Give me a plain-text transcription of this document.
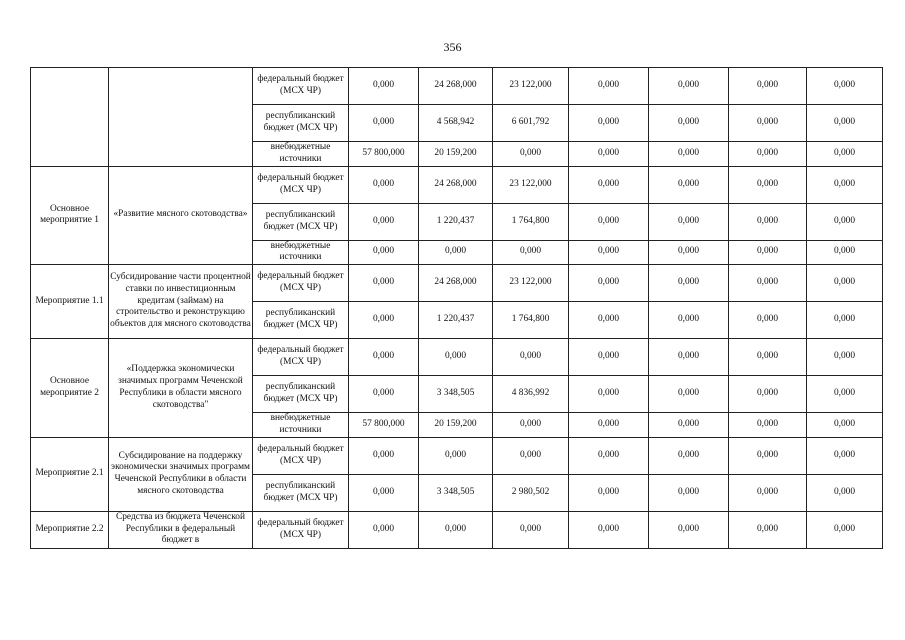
356
		федеральный бюджет (МСХ ЧР)	0,000	24 268,000	23 122,000	0,000	0,000	0,000	0,000
		республиканский бюджет (МСХ ЧР)	0,000	4 568,942	6 601,792	0,000	0,000	0,000	0,000
		внебюджетные источники	57 800,000	20 159,200	0,000	0,000	0,000	0,000	0,000
Основное мероприятие 1	«Развитие мясного скотоводства»	федеральный бюджет (МСХ ЧР)	0,000	24 268,000	23 122,000	0,000	0,000	0,000	0,000
		республиканский бюджет (МСХ ЧР)	0,000	1 220,437	1 764,800	0,000	0,000	0,000	0,000
		внебюджетные источники	0,000	0,000	0,000	0,000	0,000	0,000	0,000
Мероприятие 1.1	Субсидирование части процентной ставки по инвестиционным кредитам (займам) на строительство и реконструкцию объектов для мясного скотоводства	федеральный бюджет (МСХ ЧР)	0,000	24 268,000	23 122,000	0,000	0,000	0,000	0,000
		республиканский бюджет (МСХ ЧР)	0,000	1 220,437	1 764,800	0,000	0,000	0,000	0,000
Основное мероприятие 2	«Поддержка экономически значимых программ Чеченской Республики в области мясного скотоводства"	федеральный бюджет (МСХ ЧР)	0,000	0,000	0,000	0,000	0,000	0,000	0,000
		республиканский бюджет (МСХ ЧР)	0,000	3 348,505	4 836,992	0,000	0,000	0,000	0,000
		внебюджетные источники	57 800,000	20 159,200	0,000	0,000	0,000	0,000	0,000
Мероприятие 2.1	Субсидирование на поддержку экономически значимых программ Чеченской Республики в области мясного скотоводства	федеральный бюджет (МСХ ЧР)	0,000	0,000	0,000	0,000	0,000	0,000	0,000
		республиканский бюджет (МСХ ЧР)	0,000	3 348,505	2 980,502	0,000	0,000	0,000	0,000
Мероприятие 2.2	Средства из бюджета Чеченской Республики в федеральный бюджет в	федеральный бюджет (МСХ ЧР)	0,000	0,000	0,000	0,000	0,000	0,000	0,000
